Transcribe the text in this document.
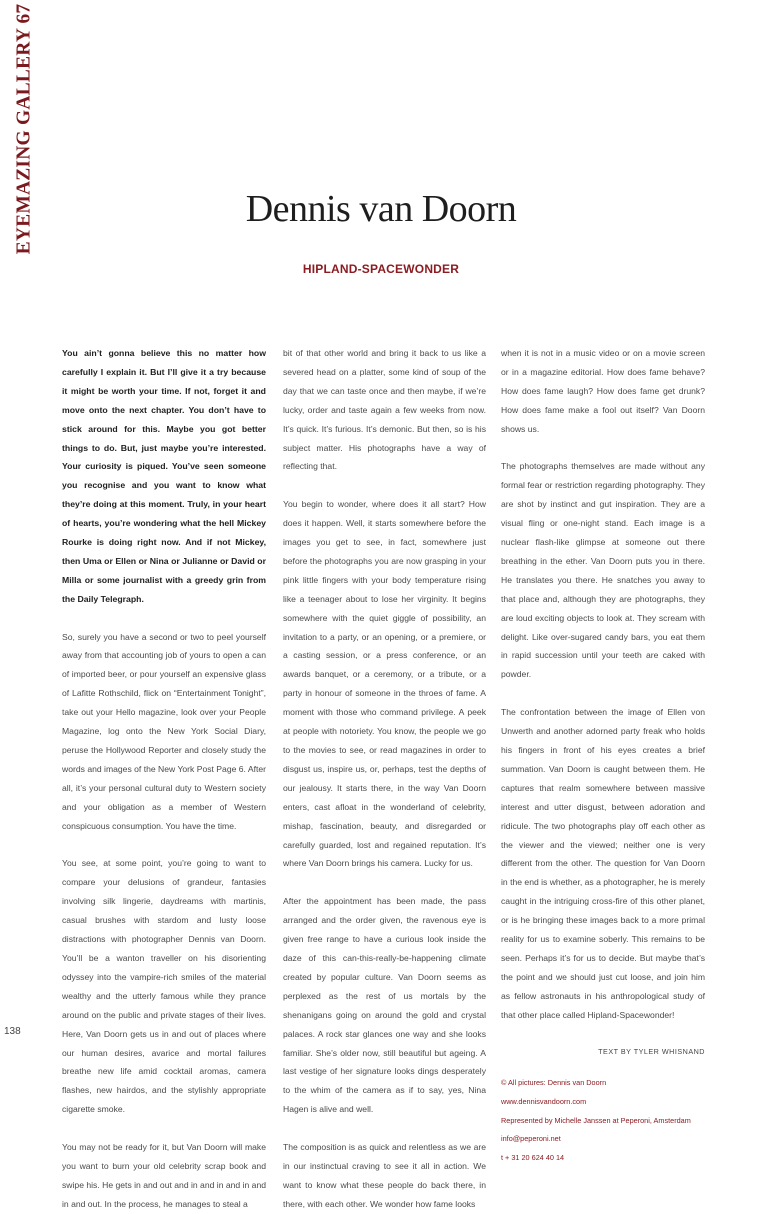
EYEMAZING GALLERY 67	Dennis van Doorn
HIPLAND-SPACEWONDER

You ain’t gonna believe this no matter how carefully I explain it. But I’ll give it a try because it might be worth your time. If not, forget it and move onto the next chapter. You don’t have to stick around for this. Maybe you got better things to do. But, just maybe you’re interested. Your curiosity is piqued. You’ve seen someone you recognise and you want to know what they’re doing at this moment. Truly, in your heart of hearts, you’re wondering what the hell Mickey Rourke is doing right now. And if not Mickey, then Uma or Ellen or Nina or Julianne or David or Milla or some journalist with a greedy grin from the Daily Telegraph.

So, surely you have a second or two to peel yourself away from that accounting job of yours to open a can of imported beer, or pour yourself an expensive glass of Lafitte Rothschild, flick on “Entertainment Tonight”, take out your Hello magazine, look over your People Magazine, log onto the New York Social Diary, peruse the Hollywood Reporter and closely study the words and images of the New York Post Page 6. After all, it’s your personal cultural duty to Western society and your obligation as a member of Western conspicuous consumption. You have the time.

You see, at some point, you’re going to want to compare your delusions of grandeur, fantasies involving silk lingerie, daydreams with martinis, casual brushes with stardom and lusty loose distractions with photographer Dennis van Doorn. You’ll be a wanton traveller on his disorienting odyssey into the vampire-rich smiles of the material wealthy and the utterly famous while they prance around on the public and private stages of their lives. Here, Van Doorn gets us in and out of places where our human desires, avarice and mortal failures breathe new life amid cocktail aromas, camera flashes, new hairdos, and the stylishly appropriate cigarette smoke.

You may not be ready for it, but Van Doorn will make you want to burn your old celebrity scrap book and swipe his. He gets in and out and in and in and in and in and out. In the process, he manages to steal a

bit of that other world and bring it back to us like a severed head on a platter, some kind of soup of the day that we can taste once and then maybe, if we’re lucky, order and taste again a few weeks from now. It’s quick. It’s furious. It’s demonic. But then, so is his subject matter. His photographs have a way of reflecting that.

You begin to wonder, where does it all start? How does it happen. Well, it starts somewhere before the images you get to see, in fact, somewhere just before the photographs you are now grasping in your pink little fingers with your body temperature rising like a teenager about to lose her virginity. It begins somewhere with the quiet giggle of possibility, an invitation to a party, or an opening, or a premiere, or a casting session, or a press conference, or an awards banquet, or a ceremony, or a tribute, or a party in honour of someone in the throes of fame. A moment with those who command privilege. A peek at people with notoriety. You know, the people we go to the movies to see, or read magazines in order to disgust us, inspire us, or, perhaps, test the depths of our jealousy. It starts there, in the way Van Doorn enters, cast afloat in the wonderland of celebrity, mishap, fascination, beauty, and disregarded or carefully guarded, lost and regained reputation. It’s where Van Doorn brings his camera. Lucky for us.

After the appointment has been made, the pass arranged and the order given, the ravenous eye is given free range to have a curious look inside the daze of this can-this-really-be-happening climate created by popular culture. Van Doorn seems as perplexed as the rest of us mortals by the shenanigans going on around the gold and crystal palaces. A rock star glances one way and she looks familiar. She’s older now, still beautiful but ageing. A last vestige of her signature looks dings desperately to the whim of the camera as if to say, yes, Nina Hagen is alive and well.

The composition is as quick and relentless as we are in our instinctual craving to see it all in action. We want to know what these people do back there, in there, with each other. We wonder how fame looks

when it is not in a music video or on a movie screen or in a magazine editorial. How does fame behave? How does fame laugh? How does fame get drunk? How does fame make a fool out itself? Van Doorn shows us.

The photographs themselves are made without any formal fear or restriction regarding photography. They are shot by instinct and gut inspiration. They are a visual fling or one-night stand. Each image is a nuclear flash-like glimpse at someone out there breathing in the ether. Van Doorn puts you in there. He translates you there. He snatches you away to that place and, although they are photographs, they are loud exciting objects to look at. They scream with delight. Like over-sugared candy bars, you eat them in rapid succession until your teeth are caked with powder.

The confrontation between the image of Ellen von Unwerth and another adorned party freak who holds his fingers in front of his eyes creates a brief summation. Van Doorn is caught between them. He captures that realm somewhere between massive interest and utter disgust, between adoration and ridicule. The two photographs play off each other as the viewer and the viewed; neither one is very different from the other. The question for Van Doorn in the end is whether, as a photographer, he is merely caught in the intriguing cross-fire of this other planet, or is he bringing these images back to a more primal reality for us to examine soberly. This remains to be seen. Perhaps it’s for us to decide. But maybe that’s the point and we should just cut loose, and join him as fellow astronauts in his anthropological study of that other place called Hipland-Spacewonder!

TEXT BY TYLER WHISNAND
© All pictures: Dennis van Doorn
www.dennisvandoorn.com
Represented by Michelle Janssen at Peperoni, Amsterdam
info@peperoni.net
t + 31 20 624 40 14
138
